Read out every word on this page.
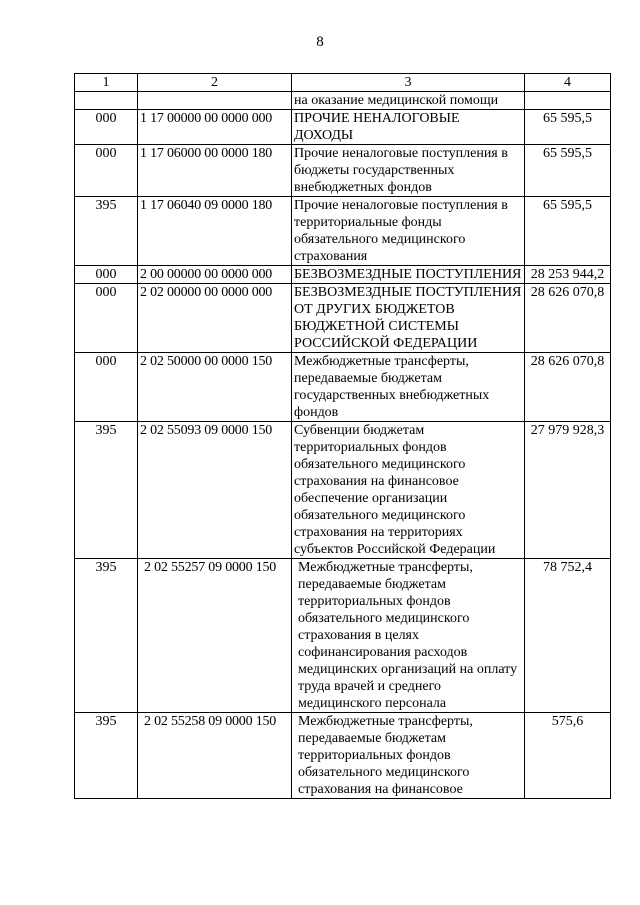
8
1	2	3	4
		на оказание медицинской помощи	
000	1 17 00000 00 0000 000	ПРОЧИЕ НЕНАЛОГОВЫЕ ДОХОДЫ	65 595,5
000	1 17 06000 00 0000 180	Прочие неналоговые поступления в бюджеты государственных внебюджетных фондов	65 595,5
395	1 17 06040 09 0000 180	Прочие неналоговые поступления в территориальные фонды обязательного медицинского страхования	65 595,5
000	2 00 00000 00 0000 000	БЕЗВОЗМЕЗДНЫЕ ПОСТУПЛЕНИЯ	28 253 944,2
000	2 02 00000 00 0000 000	БЕЗВОЗМЕЗДНЫЕ ПОСТУПЛЕНИЯ ОТ ДРУГИХ БЮДЖЕТОВ БЮДЖЕТНОЙ СИСТЕМЫ РОССИЙСКОЙ ФЕДЕРАЦИИ	28 626 070,8
000	2 02 50000 00 0000 150	Межбюджетные трансферты, передаваемые бюджетам государственных внебюджетных фондов	28 626 070,8
395	2 02 55093 09 0000 150	Субвенции бюджетам территориальных фондов обязательного медицинского страхования на финансовое обеспечение организации обязательного медицинского страхования на территориях субъектов Российской Федерации	27 979 928,3
395	2 02 55257 09 0000 150	Межбюджетные трансферты, передаваемые бюджетам территориальных фондов обязательного медицинского страхования в целях софинансирования расходов медицинских организаций на оплату труда врачей и среднего медицинского персонала	78 752,4
395	2 02 55258 09 0000 150	Межбюджетные трансферты, передаваемые бюджетам территориальных фондов обязательного медицинского страхования на финансовое	575,6
